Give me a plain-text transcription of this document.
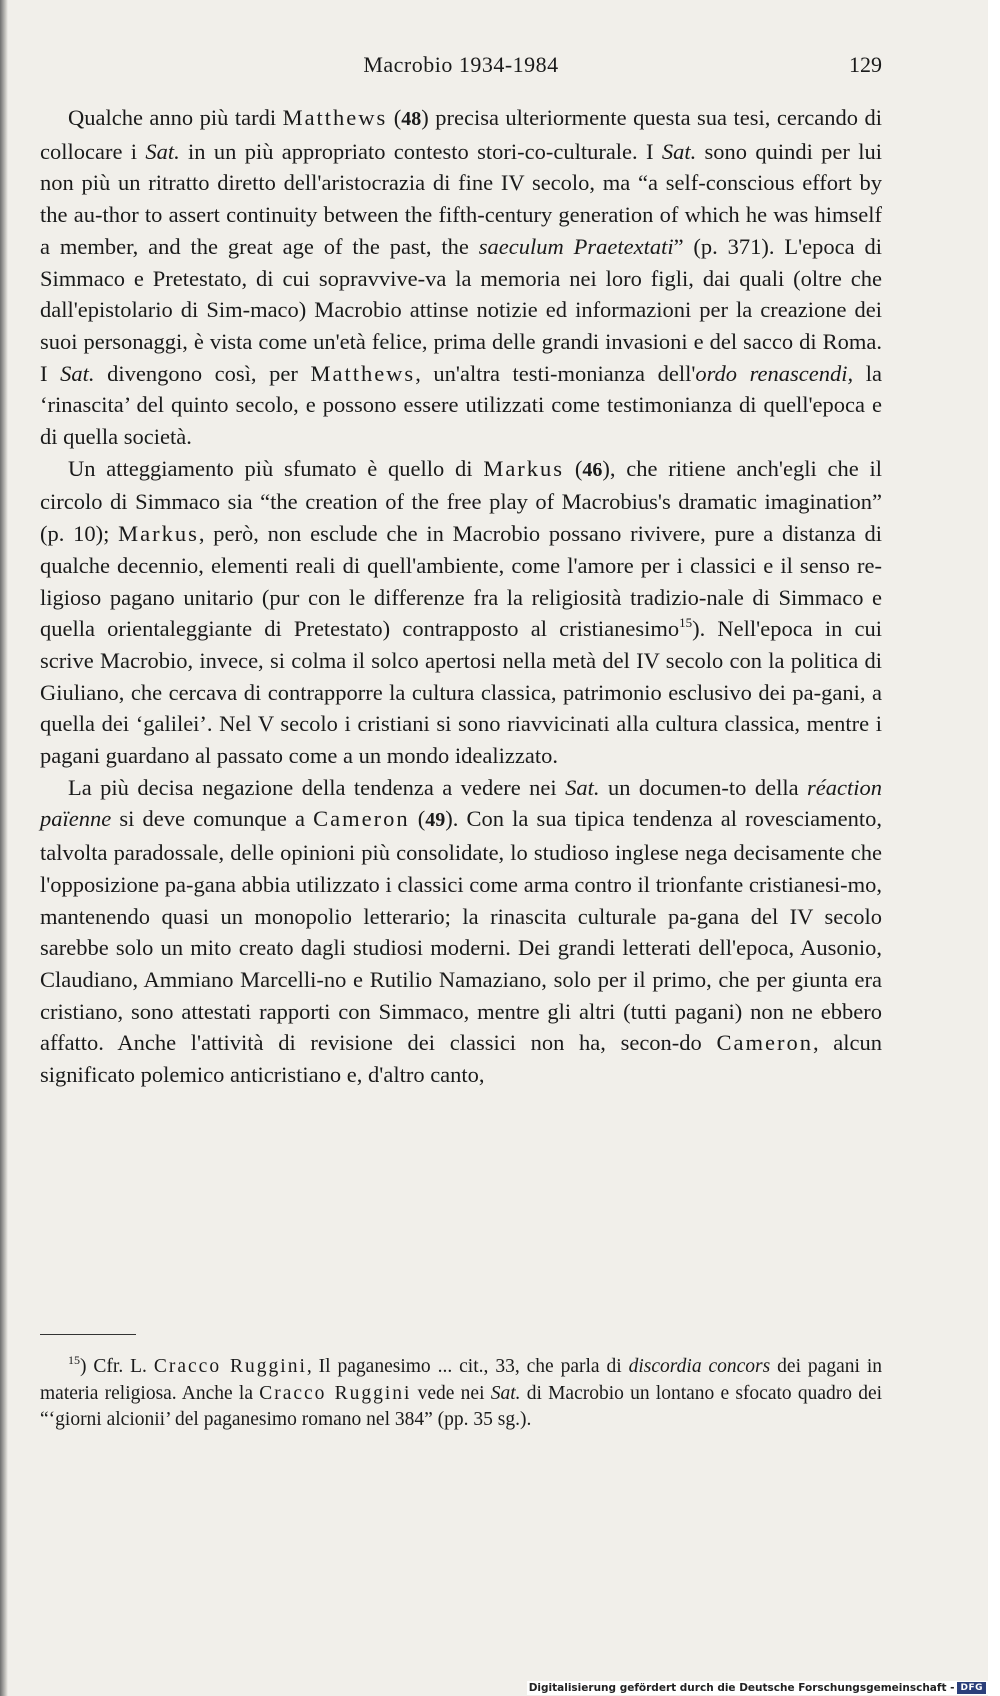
Macrobio 1934-1984	129

Qualche anno più tardi Matthews (48) precisa ulteriormente questa sua tesi, cercando di collocare i Sat. in un più appropriato contesto stori-co-culturale. I Sat. sono quindi per lui non più un ritratto diretto dell'aristocrazia di fine IV secolo, ma “a self-conscious effort by the au-thor to assert continuity between the fifth-century generation of which he was himself a member, and the great age of the past, the saeculum Praetextati” (p. 371). L'epoca di Simmaco e Pretestato, di cui sopravvive-va la memoria nei loro figli, dai quali (oltre che dall'epistolario di Sim-maco) Macrobio attinse notizie ed informazioni per la creazione dei suoi personaggi, è vista come un'età felice, prima delle grandi invasioni e del sacco di Roma. I Sat. divengono così, per Matthews, un'altra testi-monianza dell'ordo renascendi, la ‘rinascita’ del quinto secolo, e possono essere utilizzati come testimonianza di quell'epoca e di quella società.

Un atteggiamento più sfumato è quello di Markus (46), che ritiene anch'egli che il circolo di Simmaco sia “the creation of the free play of Macrobius's dramatic imagination” (p. 10); Markus, però, non esclude che in Macrobio possano rivivere, pure a distanza di qualche decennio, elementi reali di quell'ambiente, come l'amore per i classici e il senso re-ligioso pagano unitario (pur con le differenze fra la religiosità tradizio-nale di Simmaco e quella orientaleggiante di Pretestato) contrapposto al cristianesimo$^{15}$). Nell'epoca in cui scrive Macrobio, invece, si colma il solco apertosi nella metà del IV secolo con la politica di Giuliano, che cercava di contrapporre la cultura classica, patrimonio esclusivo dei pa-gani, a quella dei ‘galilei’. Nel V secolo i cristiani si sono riavvicinati alla cultura classica, mentre i pagani guardano al passato come a un mondo idealizzato.

La più decisa negazione della tendenza a vedere nei Sat. un documen-to della réaction païenne si deve comunque a Cameron (49). Con la sua tipica tendenza al rovesciamento, talvolta paradossale, delle opinioni più consolidate, lo studioso inglese nega decisamente che l'opposizione pa-gana abbia utilizzato i classici come arma contro il trionfante cristianesi-mo, mantenendo quasi un monopolio letterario; la rinascita culturale pa-gana del IV secolo sarebbe solo un mito creato dagli studiosi moderni. Dei grandi letterati dell'epoca, Ausonio, Claudiano, Ammiano Marcelli-no e Rutilio Namaziano, solo per il primo, che per giunta era cristiano, sono attestati rapporti con Simmaco, mentre gli altri (tutti pagani) non ne ebbero affatto. Anche l'attività di revisione dei classici non ha, secon-do Cameron, alcun significato polemico anticristiano e, d'altro canto,

$^{15}$) Cfr. L. Cracco Ruggini, Il paganesimo ... cit., 33, che parla di discordia concors dei pagani in materia religiosa. Anche la Cracco Ruggini vede nei Sat. di Macrobio un lontano e sfocato quadro dei “‘giorni alcionii’ del paganesimo romano nel 384” (pp. 35 sg.).
Digitalisierung gefördert durch die Deutsche Forschungsgemeinschaft - DFG
